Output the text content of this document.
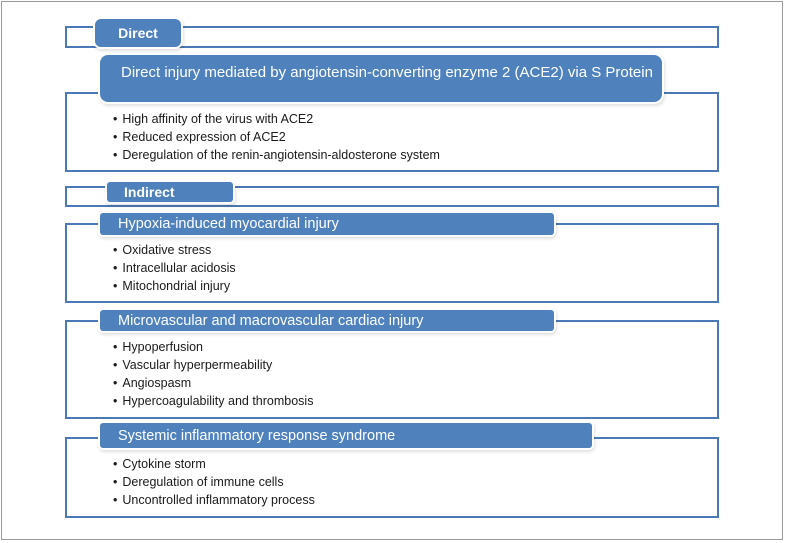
Direct
Direct injury mediated by angiotensin-converting enzyme 2 (ACE2) via S Protein
• High affinity of the virus with ACE2
• Reduced expression of ACE2
• Deregulation of the renin-angiotensin-aldosterone system
Indirect
Hypoxia-induced myocardial injury
• Oxidative stress
• Intracellular acidosis
• Mitochondrial injury
Microvascular and macrovascular cardiac injury
• Hypoperfusion
• Vascular hyperpermeability
• Angiospasm
• Hypercoagulability and thrombosis
Systemic inflammatory response syndrome
• Cytokine storm
• Deregulation of immune cells
• Uncontrolled inflammatory process
